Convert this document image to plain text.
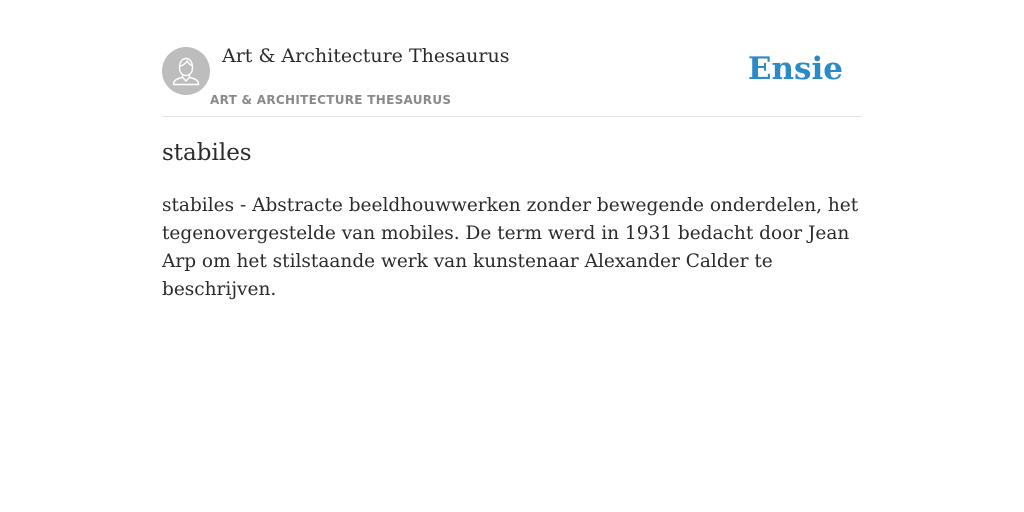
Art & Architecture Thesaurus
ART & ARCHITECTURE THESAURUS
Ensie
stabiles

stabiles - Abstracte beeldhouwwerken zonder bewegende onderdelen, het tegenovergestelde van mobiles. De term werd in 1931 bedacht door Jean Arp om het stilstaande werk van kunstenaar Alexander Calder te beschrijven.
